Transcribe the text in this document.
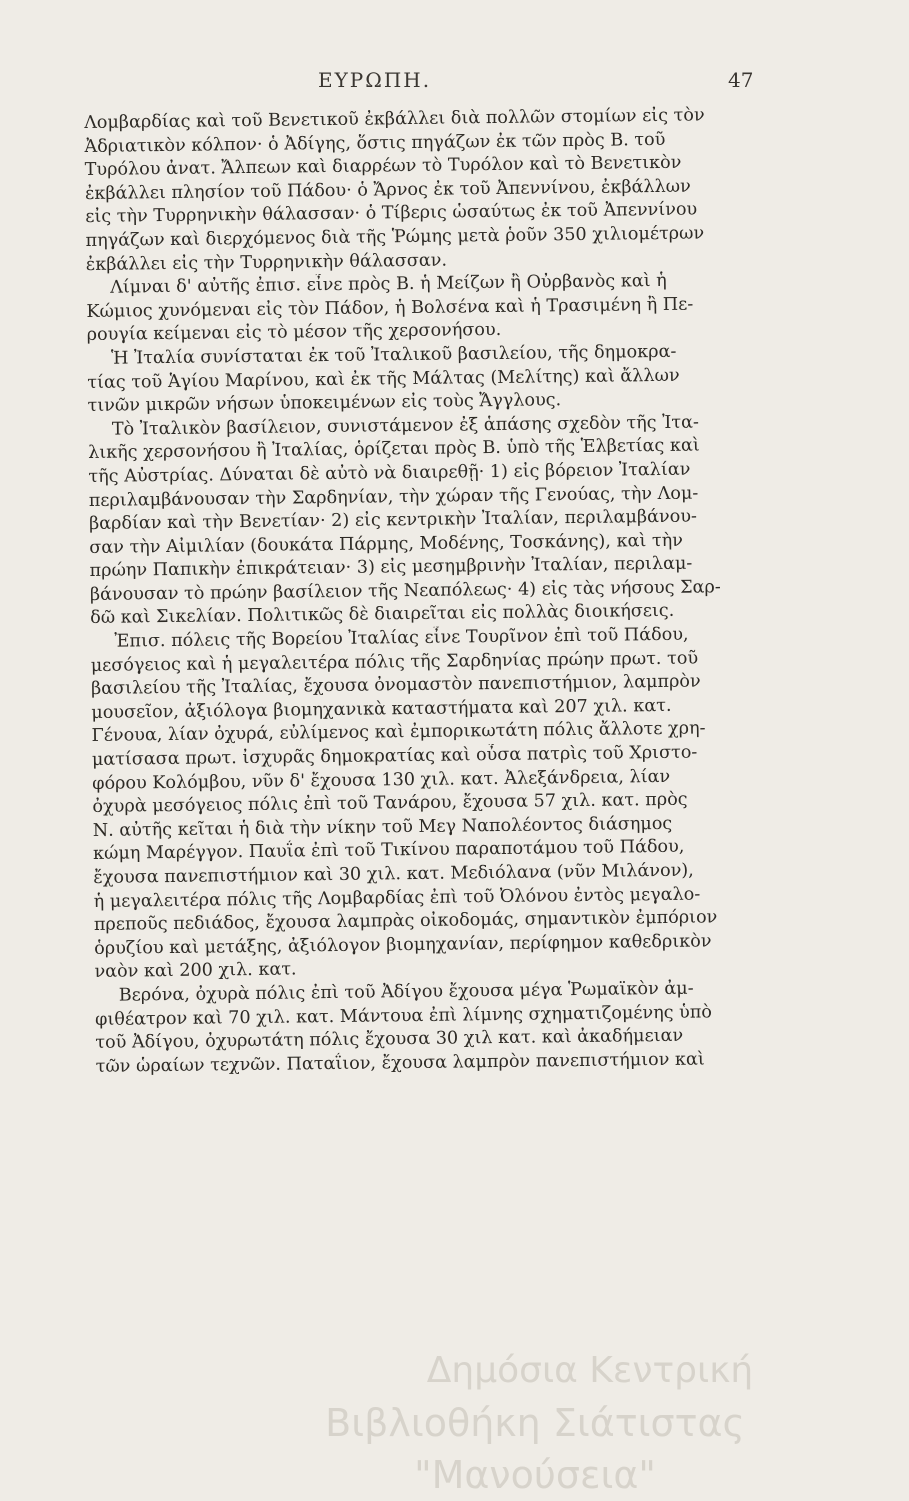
ΕΥΡΩΠΗ.	47
Λομβαρδίας καὶ τοῦ Βενετικοῦ ἐκβάλλει διὰ πολλῶν στομίων εἰς τὸν
Ἀδριατικὸν κόλπον· ὁ Ἀδίγης, ὅστις πηγάζων ἐκ τῶν πρὸς Β. τοῦ
Τυρόλου ἀνατ. Ἄλπεων καὶ διαρρέων τὸ Τυρόλον καὶ τὸ Βενετικὸν
ἐκβάλλει πλησίον τοῦ Πάδου· ὁ Ἄρνος ἐκ τοῦ Ἀπεννίνου, ἐκβάλλων
εἰς τὴν Τυρρηνικὴν θάλασσαν· ὁ Τίβερις ὡσαύτως ἐκ τοῦ Ἀπεννίνου
πηγάζων καὶ διερχόμενος διὰ τῆς Ῥώμης μετὰ ῥοῦν 350 χιλιομέτρων
ἐκβάλλει εἰς τὴν Τυρρηνικὴν θάλασσαν.
Λίμναι δ' αὐτῆς ἐπισ. εἶνε πρὸς Β. ἡ Μείζων ἢ Οὐρβανὸς καὶ ἡ
Κώμιος χυνόμεναι εἰς τὸν Πάδον, ἡ Βολσένα καὶ ἡ Τρασιμένη ἢ Πε-
ρουγία κείμεναι εἰς τὸ μέσον τῆς χερσονήσου.
Ἡ Ἰταλία συνίσταται ἐκ τοῦ Ἰταλικοῦ βασιλείου, τῆς δημοκρα-
τίας τοῦ Ἁγίου Μαρίνου, καὶ ἐκ τῆς Μάλτας (Μελίτης) καὶ ἄλλων
τινῶν μικρῶν νήσων ὑποκειμένων εἰς τοὺς Ἄγγλους.
Τὸ Ἰταλικὸν βασίλειον, συνιστάμενον ἐξ ἁπάσης σχεδὸν τῆς Ἰτα-
λικῆς χερσονήσου ἢ Ἰταλίας, ὁρίζεται πρὸς Β. ὑπὸ τῆς Ἑλβετίας καὶ
τῆς Αὐστρίας. Δύναται δὲ αὐτὸ νὰ διαιρεθῇ· 1) εἰς βόρειον Ἰταλίαν
περιλαμβάνουσαν τὴν Σαρδηνίαν, τὴν χώραν τῆς Γενούας, τὴν Λομ-
βαρδίαν καὶ τὴν Βενετίαν· 2) εἰς κεντρικὴν Ἰταλίαν, περιλαμβάνου-
σαν τὴν Αἰμιλίαν (δουκάτα Πάρμης, Μοδένης, Τοσκάνης), καὶ τὴν
πρώην Παπικὴν ἐπικράτειαν· 3) εἰς μεσημβρινὴν Ἰταλίαν, περιλαμ-
βάνουσαν τὸ πρώην βασίλειον τῆς Νεαπόλεως· 4) εἰς τὰς νήσους Σαρ-
δῶ καὶ Σικελίαν. Πολιτικῶς δὲ διαιρεῖται εἰς πολλὰς διοικήσεις.
Ἐπισ. πόλεις τῆς Βορείου Ἰταλίας εἶνε Τουρῖνον ἐπὶ τοῦ Πάδου,
μεσόγειος καὶ ἡ μεγαλειτέρα πόλις τῆς Σαρδηνίας πρώην πρωτ. τοῦ
βασιλείου τῆς Ἰταλίας, ἔχουσα ὀνομαστὸν πανεπιστήμιον, λαμπρὸν
μουσεῖον, ἀξιόλογα βιομηχανικὰ καταστήματα καὶ 207 χιλ. κατ.
Γένουα, λίαν ὀχυρά, εὐλίμενος καὶ ἐμπορικωτάτη πόλις ἄλλοτε χρη-
ματίσασα πρωτ. ἰσχυρᾶς δημοκρατίας καὶ οὖσα πατρὶς τοῦ Χριστο-
φόρου Κολόμβου, νῦν δ' ἔχουσα 130 χιλ. κατ. Ἀλεξάνδρεια, λίαν
ὀχυρὰ μεσόγειος πόλις ἐπὶ τοῦ Τανάρου, ἔχουσα 57 χιλ. κατ. πρὸς
Ν. αὐτῆς κεῖται ἡ διὰ τὴν νίκην τοῦ Μεγ Ναπολέοντος διάσημος
κώμη Μαρέγγον. Παυΐα ἐπὶ τοῦ Τικίνου παραποτάμου τοῦ Πάδου,
ἔχουσα πανεπιστήμιον καὶ 30 χιλ. κατ. Μεδιόλανα (νῦν Μιλάνον),
ἡ μεγαλειτέρα πόλις τῆς Λομβαρδίας ἐπὶ τοῦ Ὀλόνου ἐντὸς μεγαλο-
πρεποῦς πεδιάδος, ἔχουσα λαμπρὰς οἰκοδομάς, σημαντικὸν ἐμπόριον
ὁρυζίου καὶ μετάξης, ἀξιόλογον βιομηχανίαν, περίφημον καθεδρικὸν
ναὸν καὶ 200 χιλ. κατ.
Βερόνα, ὀχυρὰ πόλις ἐπὶ τοῦ Ἀδίγου ἔχουσα μέγα Ῥωμαϊκὸν ἀμ-
φιθέατρον καὶ 70 χιλ. κατ. Μάντουα ἐπὶ λίμνης σχηματιζομένης ὑπὸ
τοῦ Ἀδίγου, ὀχυρωτάτη πόλις ἔχουσα 30 χιλ κατ. καὶ ἀκαδήμειαν
τῶν ὡραίων τεχνῶν. Παταΐιον, ἔχουσα λαμπρὸν πανεπιστήμιον καὶ
Δημόσια Κεντρική
Βιβλιοθήκη Σιάτιστας "Μανούσεια"
